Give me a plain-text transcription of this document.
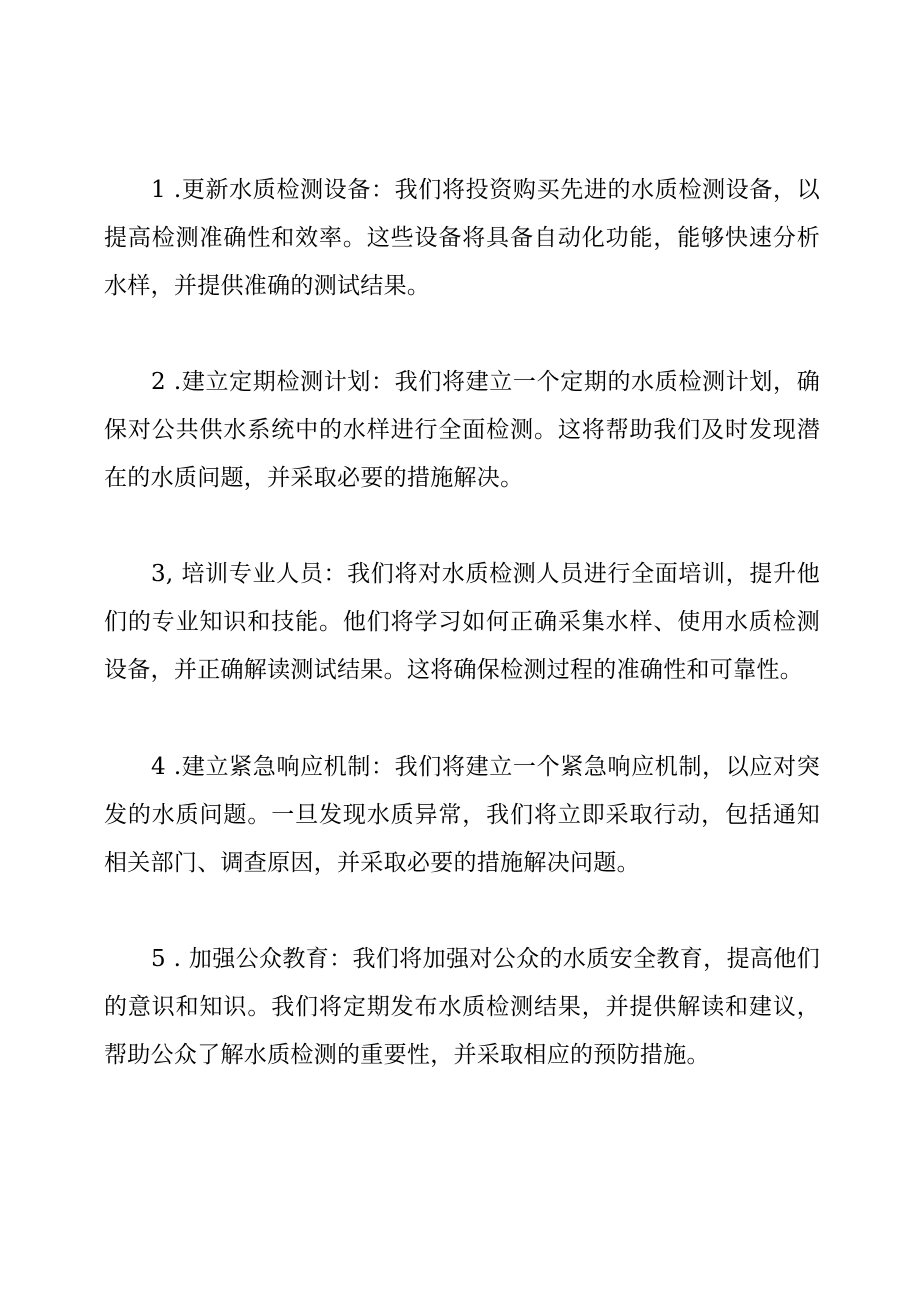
1 .更新水质检测设备：我们将投资购买先进的水质检测设备，以提高检测准确性和效率。这些设备将具备自动化功能，能够快速分析水样，并提供准确的测试结果。

2 .建立定期检测计划：我们将建立一个定期的水质检测计划，确保对公共供水系统中的水样进行全面检测。这将帮助我们及时发现潜在的水质问题，并采取必要的措施解决。

3, 培训专业人员：我们将对水质检测人员进行全面培训，提升他们的专业知识和技能。他们将学习如何正确采集水样、使用水质检测设备，并正确解读测试结果。这将确保检测过程的准确性和可靠性。

4 .建立紧急响应机制：我们将建立一个紧急响应机制，以应对突发的水质问题。一旦发现水质异常，我们将立即采取行动，包括通知相关部门、调查原因，并采取必要的措施解决问题。

5 . 加强公众教育：我们将加强对公众的水质安全教育，提高他们的意识和知识。我们将定期发布水质检测结果，并提供解读和建议，帮助公众了解水质检测的重要性，并采取相应的预防措施。
